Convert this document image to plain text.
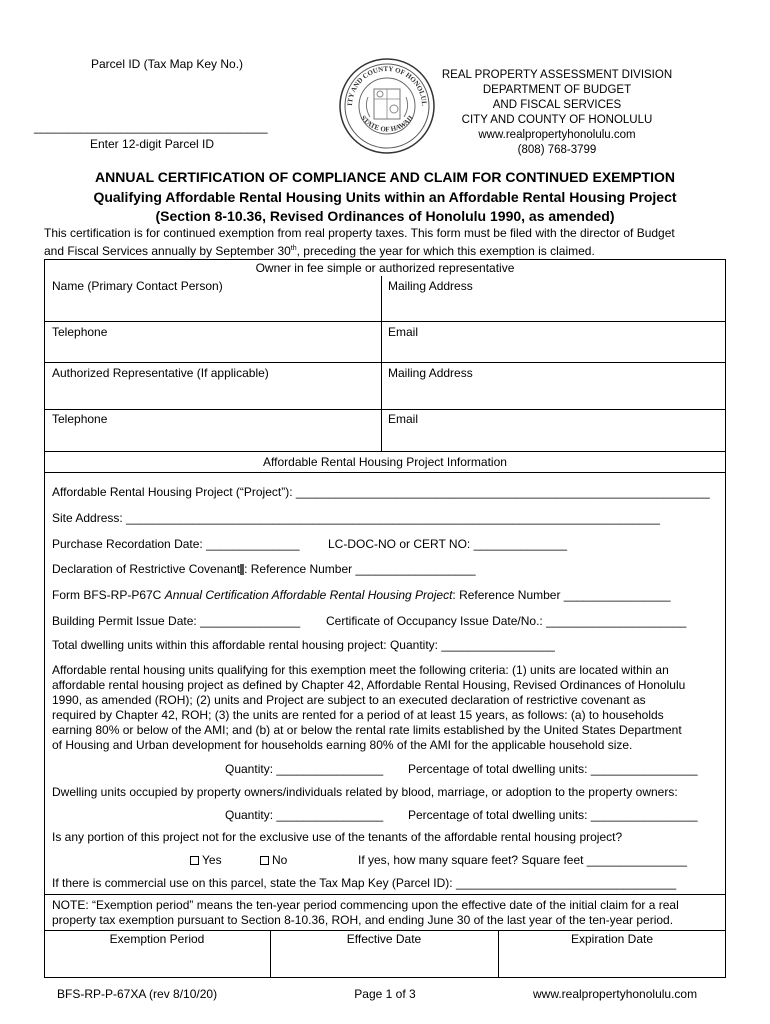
Parcel ID (Tax Map Key No.)
___________________________________
Enter 12-digit Parcel ID
ITY AND COUNTY OF HONOLUL
STATE OF HAWAII
REAL PROPERTY ASSESSMENT DIVISION
DEPARTMENT OF BUDGET
AND FISCAL SERVICES
CITY AND COUNTY OF HONOLULU
www.realpropertyhonolulu.com
(808) 768-3799
ANNUAL CERTIFICATION OF COMPLIANCE AND CLAIM FOR CONTINUED EXEMPTION
Qualifying Affordable Rental Housing Units within an Affordable Rental Housing Project
(Section 8-10.36, Revised Ordinances of Honolulu 1990, as amended)
This certification is for continued exemption from real property taxes. This form must be filed with the director of Budget
and Fiscal Services annually by September 30th, preceding the year for which this exemption is claimed.
Owner in fee simple or authorized representative
Name (Primary Contact Person)	Mailing Address
Telephone	Email
Authorized Representative (If applicable)	Mailing Address
Telephone	Email
Affordable Rental Housing Project Information
Affordable Rental Housing Project (“Project”): ______________________________________________________________
Site Address: ________________________________________________________________________________
Purchase Recordation Date: ______________ LC-DOC-NO or CERT NO: ______________
Declaration of Restrictive Covenant : Reference Number __________________
Form BFS-RP-P67C Annual Certification Affordable Rental Housing Project: Reference Number ________________
Building Permit Issue Date: _______________ Certificate of Occupancy Issue Date/No.: _____________________
Total dwelling units within this affordable rental housing project: Quantity: _________________
Affordable rental housing units qualifying for this exemption meet the following criteria: (1) units are located within an
affordable rental housing project as defined by Chapter 42, Affordable Rental Housing, Revised Ordinances of Honolulu
1990, as amended (ROH); (2) units and Project are subject to an executed declaration of restrictive covenant as
required by Chapter 42, ROH; (3) the units are rented for a period of at least 15 years, as follows: (a) to households
earning 80% or below of the AMI; and (b) at or below the rental rate limits established by the United States Department
of Housing and Urban development for households earning 80% of the AMI for the applicable household size.
Quantity: ________________ Percentage of total dwelling units: ________________
Dwelling units occupied by property owners/individuals related by blood, marriage, or adoption to the property owners:
Quantity: ________________ Percentage of total dwelling units: ________________
Is any portion of this project not for the exclusive use of the tenants of the affordable rental housing project?
Yes	No	If yes, how many square feet? Square feet _______________
If there is commercial use on this parcel, state the Tax Map Key (Parcel ID): _________________________________
NOTE: “Exemption period” means the ten-year period commencing upon the effective date of the initial claim for a real
property tax exemption pursuant to Section 8-10.36, ROH, and ending June 30 of the last year of the ten-year period.
Exemption Period	Effective Date	Expiration Date
BFS-RP-P-67XA (rev 8/10/20)	Page 1 of 3	www.realpropertyhonolulu.com
